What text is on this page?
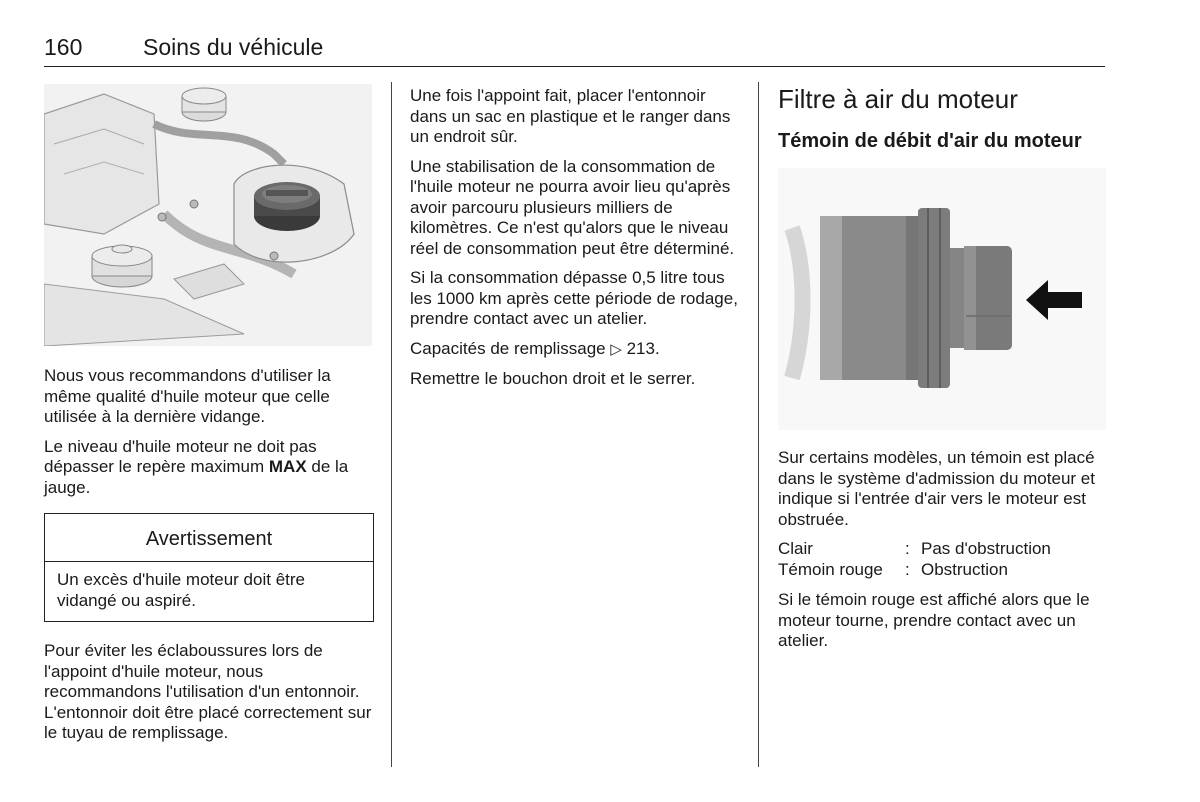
160	Soins du véhicule

Nous vous recommandons d'utiliser la même qualité d'huile moteur que celle utilisée à la dernière vidange.

Le niveau d'huile moteur ne doit pas dépasser le repère maximum MAX de la jauge.

Avertissement
Un excès d'huile moteur doit être vidangé ou aspiré.

Pour éviter les éclaboussures lors de l'appoint d'huile moteur, nous recommandons l'utilisation d'un entonnoir. L'entonnoir doit être placé correctement sur le tuyau de remplissage.

Une fois l'appoint fait, placer l'entonnoir dans un sac en plastique et le ranger dans un endroit sûr.

Une stabilisation de la consommation de l'huile moteur ne pourra avoir lieu qu'après avoir parcouru plusieurs milliers de kilomètres. Ce n'est qu'alors que le niveau réel de consommation peut être déterminé.

Si la consommation dépasse 0,5 litre tous les 1000 km après cette période de rodage, prendre contact avec un atelier.

Capacités de remplissage ▷ 213.

Remettre le bouchon droit et le serrer.

Filtre à air du moteur
Témoin de débit d'air du moteur

Sur certains modèles, un témoin est placé dans le système d'admission du moteur et indique si l'entrée d'air vers le moteur est obstruée.

Clair	:	Pas d'obstruction
Témoin rouge	:	Obstruction

Si le témoin rouge est affiché alors que le moteur tourne, prendre contact avec un atelier.
